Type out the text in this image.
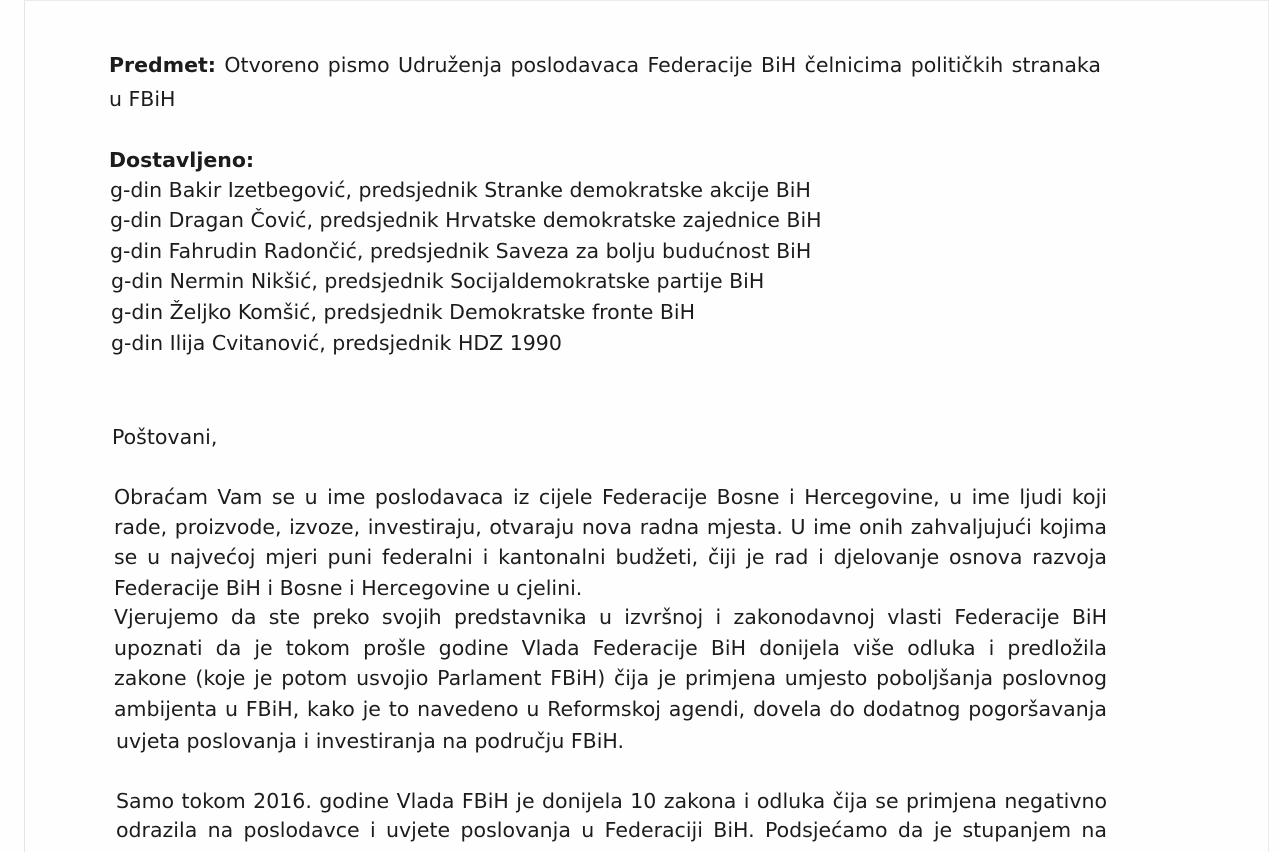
Predmet: Otvoreno pismo Udruženja poslodavaca Federacije BiH čelnicima političkih stranaka
u FBiH
Dostavljeno:
g-din Bakir Izetbegović, predsjednik Stranke demokratske akcije BiH
g-din Dragan Čović, predsjednik Hrvatske demokratske zajednice BiH
g-din Fahrudin Radončić, predsjednik Saveza za bolju budućnost BiH
g-din Nermin Nikšić, predsjednik Socijaldemokratske partije BiH
g-din Željko Komšić, predsjednik Demokratske fronte BiH
g-din Ilija Cvitanović, predsjednik HDZ 1990
Poštovani,
Obraćam Vam se u ime poslodavaca iz cijele Federacije Bosne i Hercegovine, u ime ljudi koji
rade, proizvode, izvoze, investiraju, otvaraju nova radna mjesta. U ime onih zahvaljujući kojima
se u najvećoj mjeri puni federalni i kantonalni budžeti, čiji je rad i djelovanje osnova razvoja
Federacije BiH i Bosne i Hercegovine u cjelini.
Vjerujemo da ste preko svojih predstavnika u izvršnoj i zakonodavnoj vlasti Federacije BiH
upoznati da je tokom prošle godine Vlada Federacije BiH donijela više odluka i predložila
zakone (koje je potom usvojio Parlament FBiH) čija je primjena umjesto poboljšanja poslovnog
ambijenta u FBiH, kako je to navedeno u Reformskoj agendi, dovela do dodatnog pogoršavanja
uvjeta poslovanja i investiranja na području FBiH.
Samo tokom 2016. godine Vlada FBiH je donijela 10 zakona i odluka čija se primjena negativno
odrazila na poslodavce i uvjete poslovanja u Federaciji BiH. Podsjećamo da je stupanjem na
